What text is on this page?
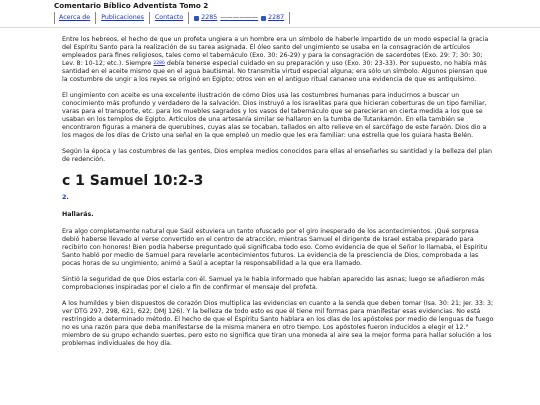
Comentario Bíblico Adventista Tomo 2
Acerca de	Publicaciones	Contacto	2285 —————— 2287

Entre los hebreos, el hecho de que un profeta ungiera a un hombre era un símbolo de haberle impartido de un modo especial la gracia del Espíritu Santo para la realización de su tarea asignada. El óleo santo del ungimiento se usaba en la consagración de artículos empleados para fines religiosos, tales como el tabernáculo (Exo. 30: 26-29) y para la consagración de sacerdotes (Exo. 29: 7; 30: 30; Lev. 8: 10-12; etc.). Siempre 2286 debía tenerse especial cuidado en su preparación y uso (Exo. 30: 23-33). Por supuesto, no había más santidad en el aceite mismo que en el agua bautismal. No transmitía virtud especial alguna; era sólo un símbolo. Algunos piensan que la costumbre de ungir a los reyes se originó en Egipto; otros ven en el antiguo ritual cananeo una evidencia de que es antiquísimo.

El ungimiento con aceite es una excelente ilustración de cómo Dios usa las costumbres humanas para inducirnos a buscar un conocimiento más profundo y verdadero de la salvación. Dios instruyó a los israelitas para que hicieran coberturas de un tipo familiar, varas para el transporte, etc. para los muebles sagrados y los vasos del tabernáculo que se parecieran en cierta medida a los que se usaban en los templos de Egipto. Artículos de una artesanía similar se hallaron en la tumba de Tutankamón. En ella también se encontraron figuras a manera de querubines, cuyas alas se tocaban, tallados en alto relieve en el sarcófago de este faraón. Dios dio a los magos de los días de Cristo una señal en la que empleó un medio que les era familiar: una estrella que los guiara hasta Belén.

Según la época y las costumbres de las gentes, Dios emplea medios conocidos para ellas al enseñarles su santidad y la belleza del plan de redención.

c 1 Samuel 10:2-3
2.
Hallarás.

Era algo completamente natural que Saúl estuviera un tanto ofuscado por el giro inesperado de los acontecimientos. ¡Qué sorpresa debió haberse llevado al verse convertido en el centro de atracción, mientras Samuel el dirigente de Israel estaba preparado para recibirlo con honores! Bien podía haberse preguntado qué significaba todo eso. Como evidencia de que el Señor lo llamaba, el Espíritu Santo habló por medio de Samuel para revelarle acontecimientos futuros. La evidencia de la presciencia de Dios, comprobada a las pocas horas de su ungimiento, animó a Saúl a aceptar la responsabilidad a la que era llamado.

Sintió la seguridad de que Dios estaría con él. Samuel ya le había informado que habían aparecido las asnas; luego se añadieron más comprobaciones inspiradas por el cielo a fin de confirmar el mensaje del profeta.

A los humildes y bien dispuestos de corazón Dios multiplica las evidencias en cuanto a la senda que deben tomar (Isa. 30: 21; Jer. 33: 3; ver DTG 297, 298, 621, 622; DMJ 126). Y la belleza de todo esto es que él tiene mil formas para manifestar esas evidencias. No está restringido a determinado método. El hecho de que el Espíritu Santo hablara en los días de los apóstoles por medio de lenguas de fuego no es una razón para que deba manifestarse de la misma manera en otro tiempo. Los apóstoles fueron inducidos a elegir el 12.° miembro de su grupo echando suertes, pero esto no significa que tiran una moneda al aire sea la mejor forma para hallar solución a los problemas individuales de hoy día.
